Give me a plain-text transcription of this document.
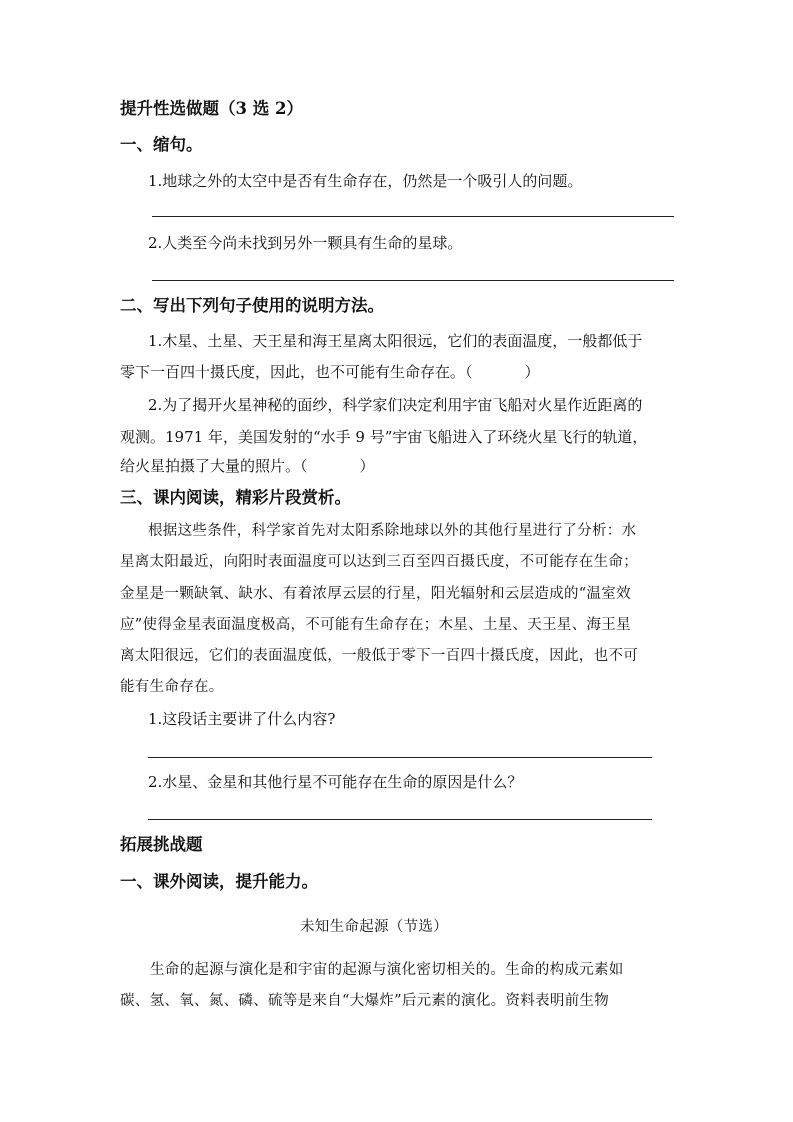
提升性选做题（3 选 2）
一、缩句。
1.地球之外的太空中是否有生命存在，仍然是一个吸引人的问题。
2.人类至今尚未找到另外一颗具有生命的星球。
二、写出下列句子使用的说明方法。
1.木星、土星、天王星和海王星离太阳很远，它们的表面温度，一般都低于
零下一百四十摄氏度，因此，也不可能有生命存在。（	）
2.为了揭开火星神秘的面纱，科学家们决定利用宇宙飞船对火星作近距离的
观测。1971 年，美国发射的“水手 9 号”宇宙飞船进入了环绕火星飞行的轨道，
给火星拍摄了大量的照片。（	）
三、课内阅读，精彩片段赏析。
根据这些条件，科学家首先对太阳系除地球以外的其他行星进行了分析：水
星离太阳最近，向阳时表面温度可以达到三百至四百摄氏度，不可能存在生命；
金星是一颗缺氧、缺水、有着浓厚云层的行星，阳光辐射和云层造成的“温室效
应”使得金星表面温度极高，不可能有生命存在；木星、土星、天王星、海王星
离太阳很远，它们的表面温度低，一般低于零下一百四十摄氏度，因此，也不可
能有生命存在。
1.这段话主要讲了什么内容?
2.水星、金星和其他行星不可能存在生命的原因是什么？
拓展挑战题
一、课外阅读，提升能力。
未知生命起源（节选）
生命的起源与演化是和宇宙的起源与演化密切相关的。生命的构成元素如
碳、氢、氧、氮、磷、硫等是来自“大爆炸”后元素的演化。资料表明前生物
